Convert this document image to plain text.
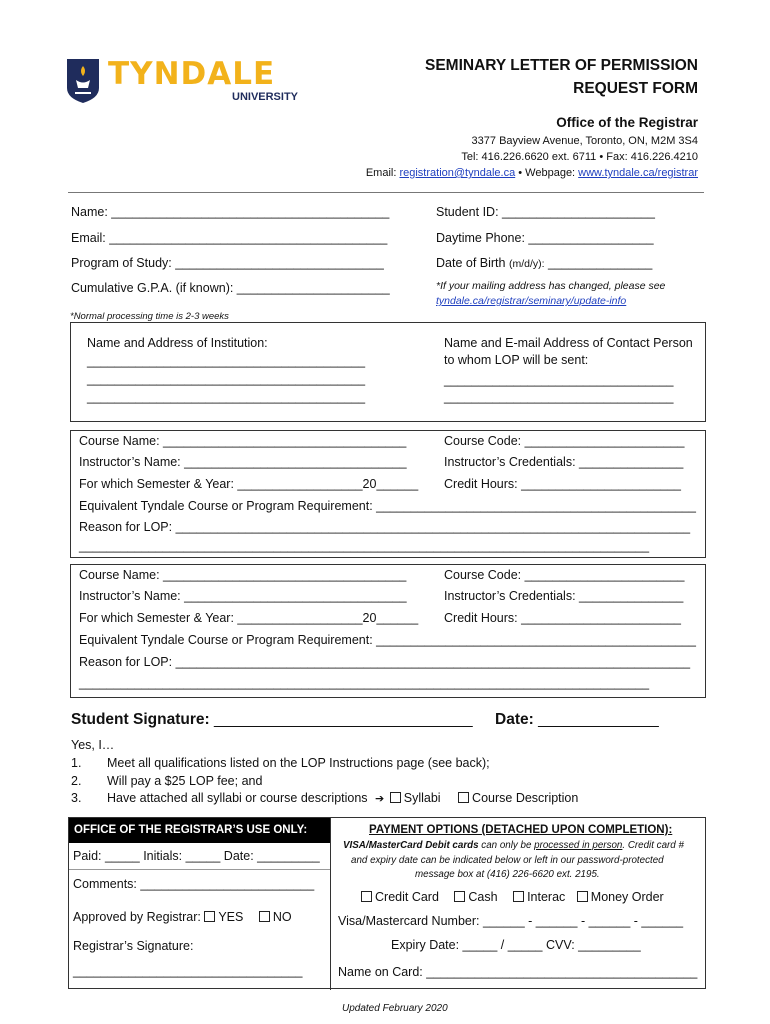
TYNDALE
UNIVERSITY
SEMINARY LETTER OF PERMISSION
REQUEST FORM
Office of the Registrar
3377 Bayview Avenue, Toronto, ON, M2M 3S4
Tel: 416.226.6620 ext. 6711 • Fax: 416.226.4210
Email: registration@tyndale.ca • Webpage: www.tyndale.ca/registrar
Name: ________________________________________	Student ID: ______________________
Email: ________________________________________	Daytime Phone: __________________
Program of Study: ______________________________	Date of Birth (m/d/y): _______________
Cumulative G.P.A. (if known): ______________________	*If your mailing address has changed, please see
tyndale.ca/registrar/seminary/update-info
*Normal processing time is 2-3 weeks
Name and Address of Institution:
________________________________________
________________________________________
________________________________________
Name and E-mail Address of Contact Person
to whom LOP will be sent:
_________________________________
_________________________________
Course Name: ___________________________________	Course Code: _______________________
Instructor’s Name: ________________________________	Instructor’s Credentials: _______________
For which Semester & Year: __________________20______ Credit Hours: _______________________
Equivalent Tyndale Course or Program Requirement: ______________________________________________
Reason for LOP: __________________________________________________________________________
__________________________________________________________________________________
Course Name: ___________________________________	Course Code: _______________________
Instructor’s Name: ________________________________	Instructor’s Credentials: _______________
For which Semester & Year: __________________20______ Credit Hours: _______________________
Equivalent Tyndale Course or Program Requirement: ______________________________________________
Reason for LOP: __________________________________________________________________________
__________________________________________________________________________________
Student Signature: ______________________________ Date: ______________
Yes, I…
1. Meet all qualifications listed on the LOP Instructions page (see back);
2. Will pay a $25 LOP fee; and
3. Have attached all syllabi or course descriptions ➔ Syllabi	Course Description
OFFICE OF THE REGISTRAR’S USE ONLY:
Paid: _____ Initials: _____ Date: _________
Comments: _________________________
Approved by Registrar: YES NO
Registrar’s Signature:
_________________________________
PAYMENT OPTIONS (DETACHED UPON COMPLETION):
VISA/MasterCard Debit cards can only be processed in person. Credit card #
and expiry date can be indicated below or left in our password-protected
message box at (416) 226-6620 ext. 2195.
Credit Card Cash Interac Money Order
Visa/Mastercard Number: ______ - ______ - ______ - ______
Expiry Date: _____ / _____ CVV: _________
Name on Card: _______________________________________
Updated February 2020
